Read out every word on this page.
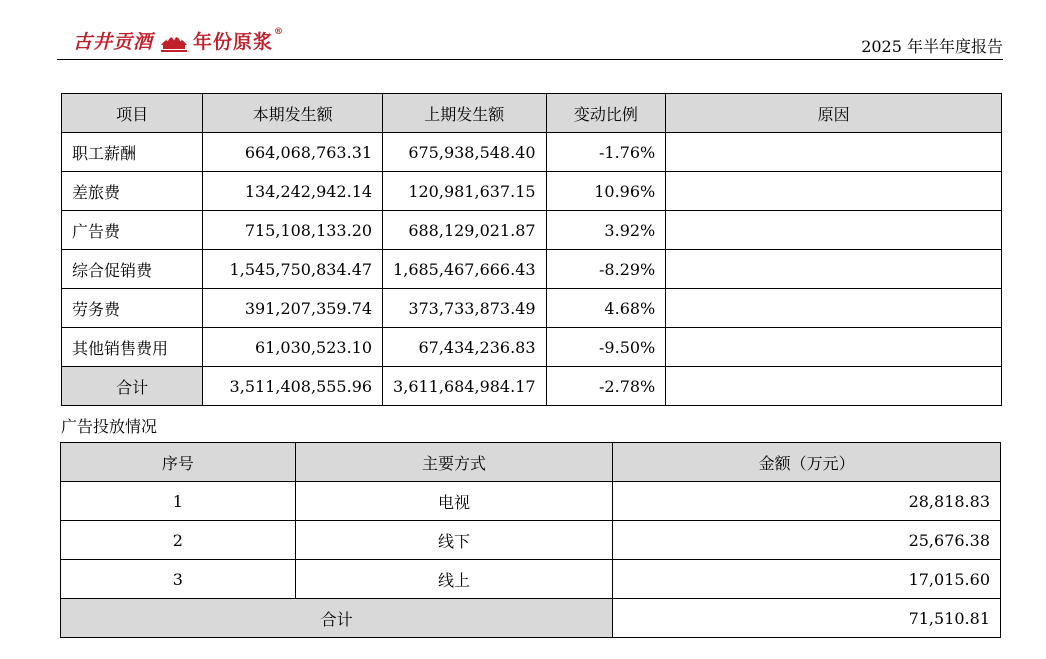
古井贡酒 年份原浆 ®
2025 年半年度报告
项目	本期发生额	上期发生额	变动比例	原因
职工薪酬	664,068,763.31	675,938,548.40	-1.76%	
差旅费	134,242,942.14	120,981,637.15	10.96%	
广告费	715,108,133.20	688,129,021.87	3.92%	
综合促销费	1,545,750,834.47	1,685,467,666.43	-8.29%	
劳务费	391,207,359.74	373,733,873.49	4.68%	
其他销售费用	61,030,523.10	67,434,236.83	-9.50%	
合计	3,511,408,555.96	3,611,684,984.17	-2.78%	
广告投放情况
序号	主要方式	金额（万元）
1	电视	28,818.83
2	线下	25,676.38
3	线上	17,015.60
合计		71,510.81
